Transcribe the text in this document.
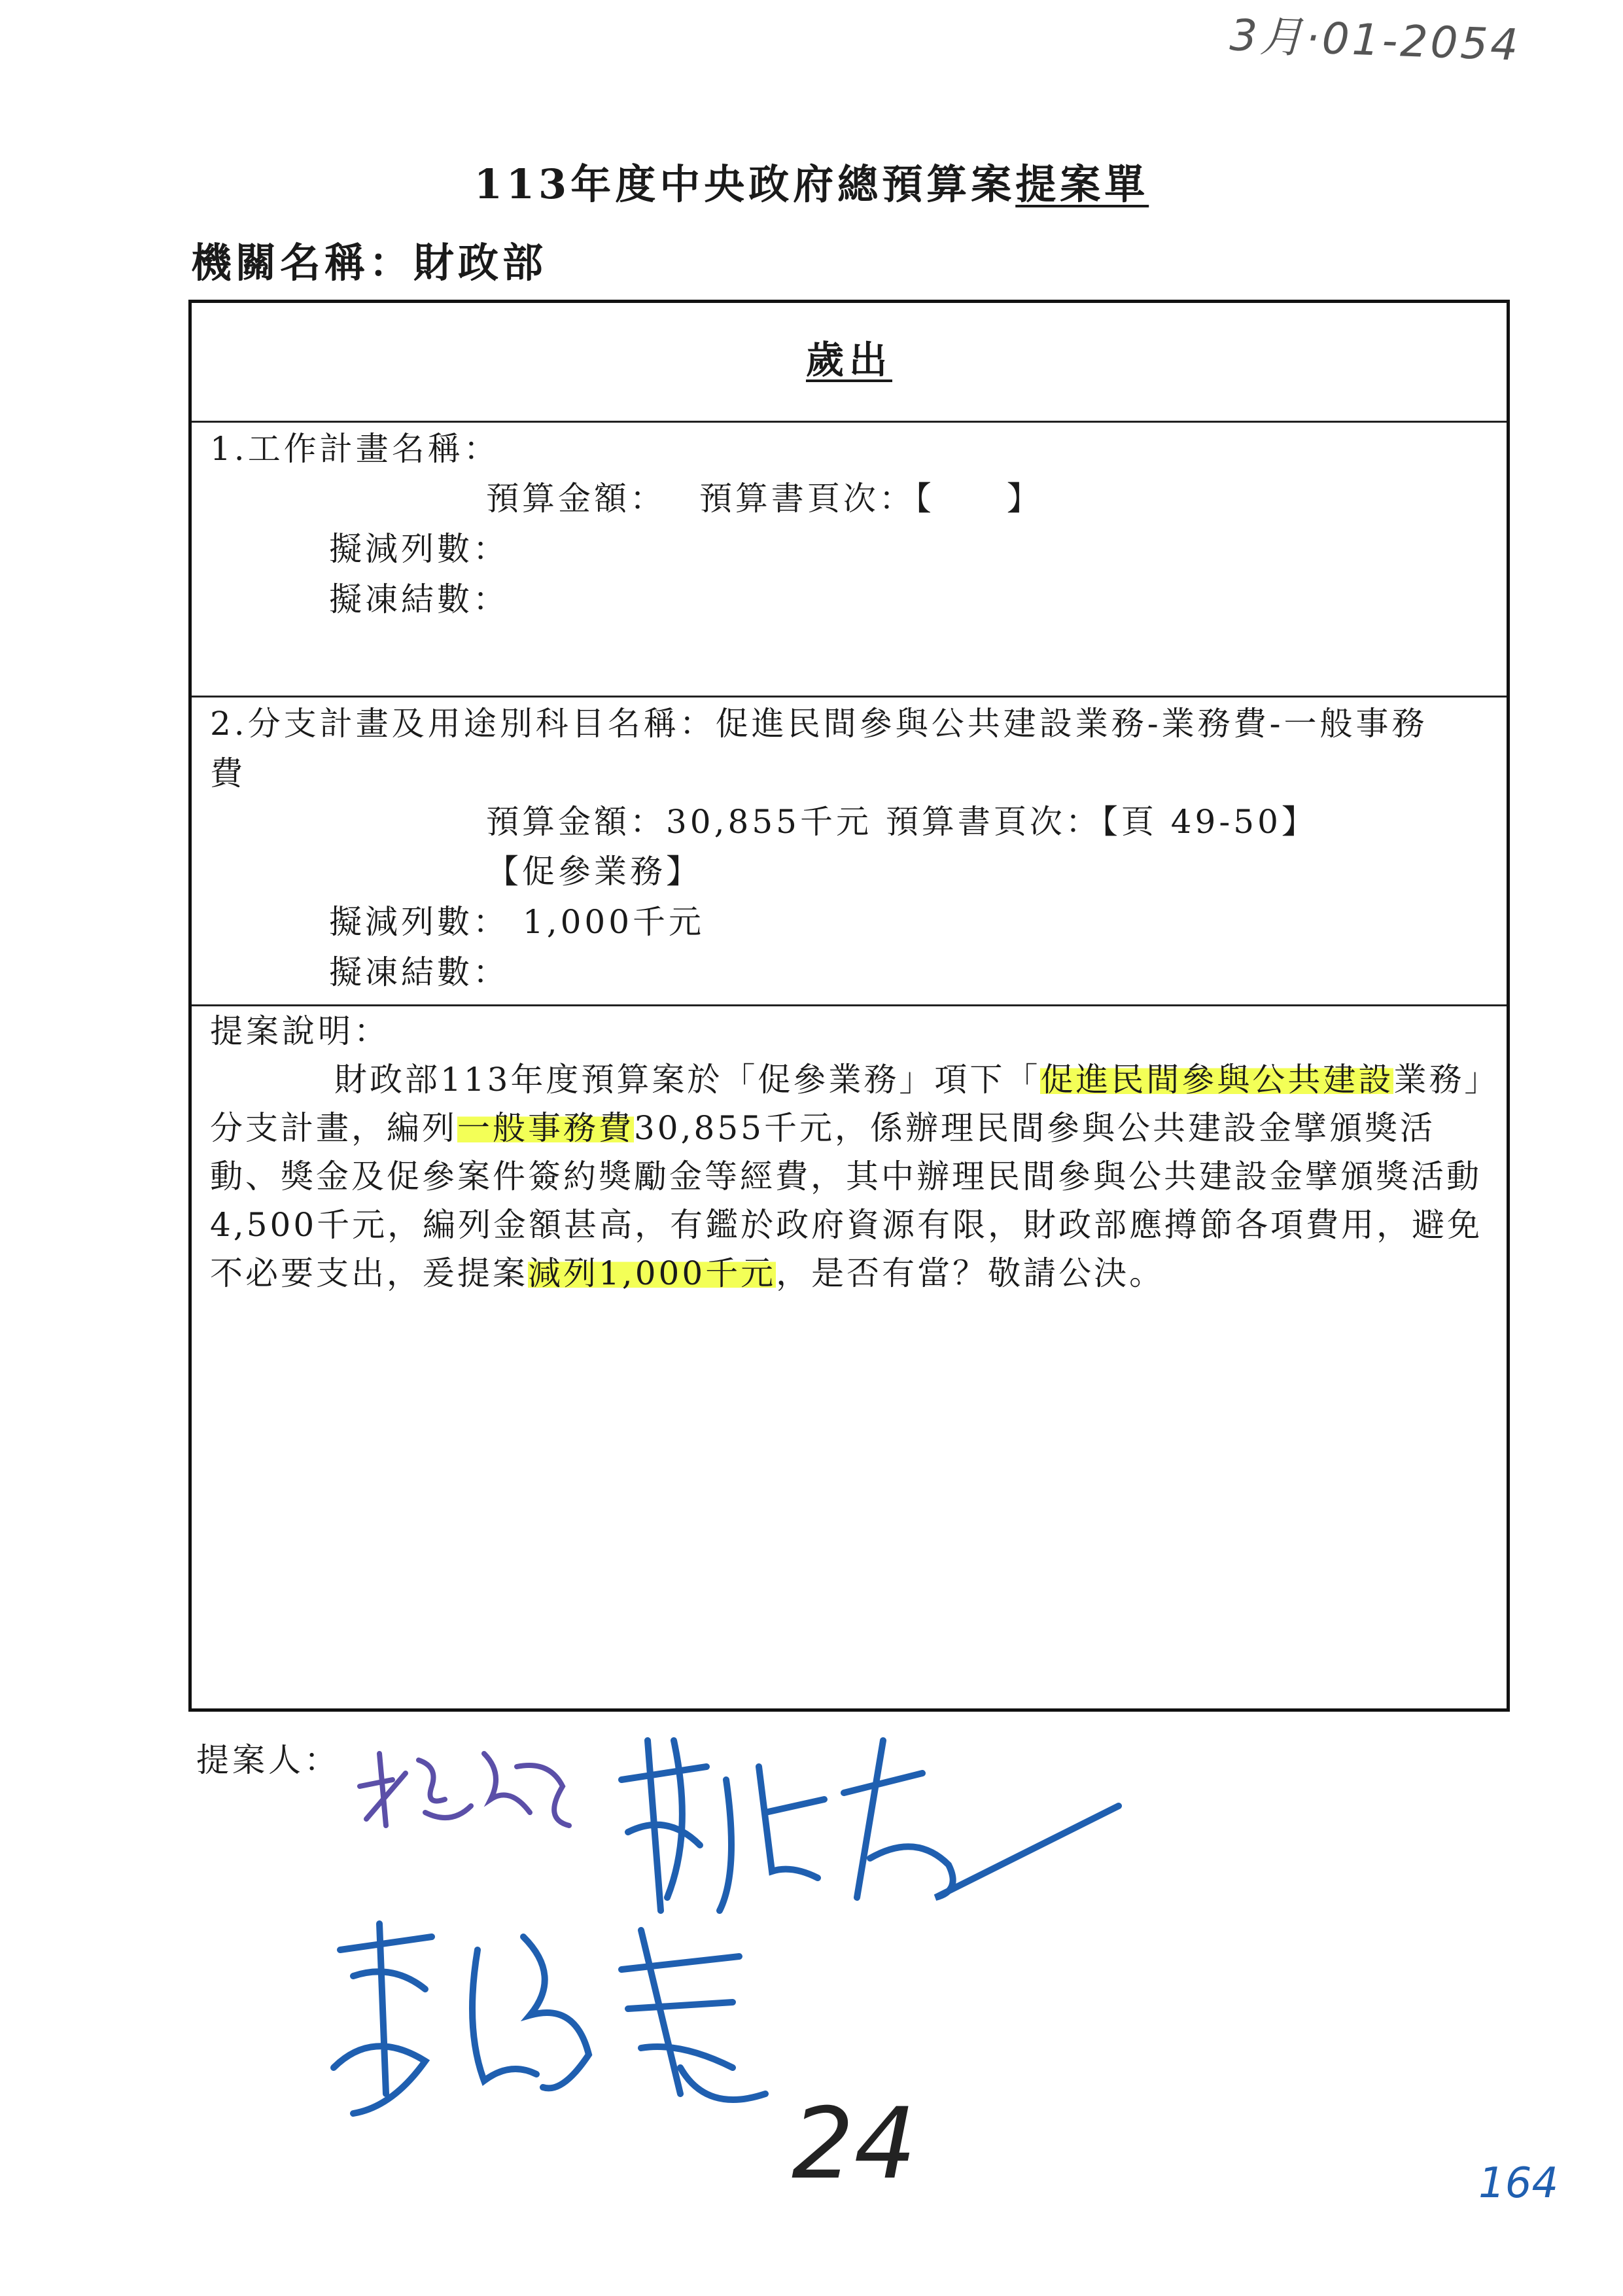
3月·01-2054
113年度中央政府總預算案提案單
機關名稱：財政部
歲出
1.工作計畫名稱：
預算金額：　 預算書頁次：【　　】
擬減列數：
擬凍結數：
2.分支計畫及用途別科目名稱：促進民間參與公共建設業務-業務費-一般事務
費
預算金額：30,855千元 預算書頁次：【頁 49-50】
【促參業務】
擬減列數： 1,000千元
擬凍結數：
提案說明：
財政部113年度預算案於「促參業務」項下「促進民間參與公共建設業務」分支計畫，編列一般事務費30,855千元，係辦理民間參與公共建設金擘頒獎活動、獎金及促參案件簽約獎勵金等經費，其中辦理民間參與公共建設金擘頒獎活動4,500千元，編列金額甚高，有鑑於政府資源有限，財政部應撙節各項費用，避免不必要支出，爰提案減列1,000千元，是否有當？敬請公決。
提案人：
24	164
